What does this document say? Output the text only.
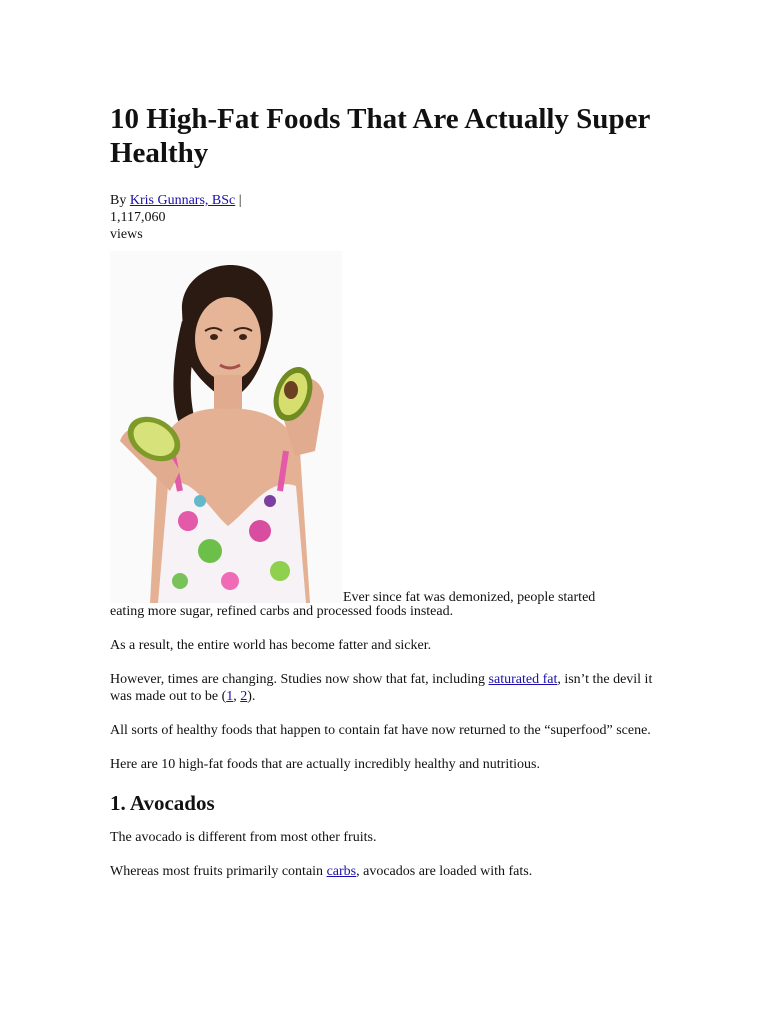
10 High-Fat Foods That Are Actually Super Healthy
By Kris Gunnars, BSc |
1,117,060
views
Ever since fat was demonized, people started

eating more sugar, refined carbs and processed foods instead.

As a result, the entire world has become fatter and sicker.

However, times are changing. Studies now show that fat, including saturated fat, isn’t the devil it was made out to be (1, 2).

All sorts of healthy foods that happen to contain fat have now returned to the “superfood” scene.

Here are 10 high-fat foods that are actually incredibly healthy and nutritious.

1. Avocados

The avocado is different from most other fruits.

Whereas most fruits primarily contain carbs, avocados are loaded with fats.
